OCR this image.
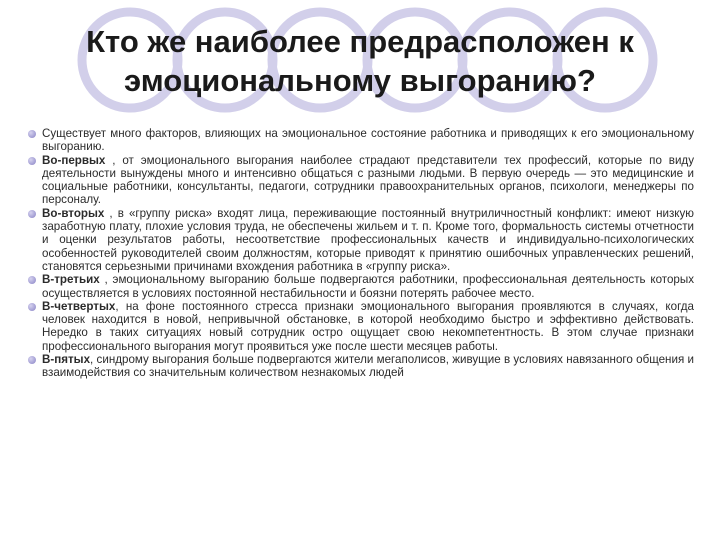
Кто же наиболее предрасположен к эмоциональному выгоранию?
Существует много факторов, влияющих на эмоциональное состояние работника и приводящих к его эмоциональному выгоранию.
Во-первых , от эмоционального выгорания наиболее страдают представители тех профессий, которые по виду деятельности вынуждены много и интенсивно общаться с разными людьми. В первую очередь — это медицинские и социальные работники, консультанты, педагоги, сотрудники правоохранительных органов, психологи, менеджеры по персоналу.
Во-вторых , в «группу риска» входят лица, переживающие постоянный внутриличностный конфликт: имеют низкую заработную плату, плохие условия труда, не обеспечены жильем и т. п. Кроме того, формальность системы отчетности и оценки результатов работы, несоответствие профессиональных качеств и индивидуально-психологических особенностей руководителей своим должностям, которые приводят к принятию ошибочных управленческих решений, становятся серьезными причинами вхождения работника в «группу риска».
В-третьих , эмоциональному выгоранию больше подвергаются работники, профессиональная деятельность которых осуществляется в условиях постоянной нестабильности и боязни потерять рабочее место.
В-четвертых, на фоне постоянного стресса признаки эмоционального выгорания проявляются в случаях, когда человек находится в новой, непривычной обстановке, в которой необходимо быстро и эффективно действовать. Нередко в таких ситуациях новый сотрудник остро ощущает свою некомпетентность. В этом случае признаки профессионального выгорания могут проявиться уже после шести месяцев работы.
В-пятых, синдрому выгорания больше подвергаются жители мегаполисов, живущие в условиях навязанного общения и взаимодействия со значительным количеством незнакомых людей
